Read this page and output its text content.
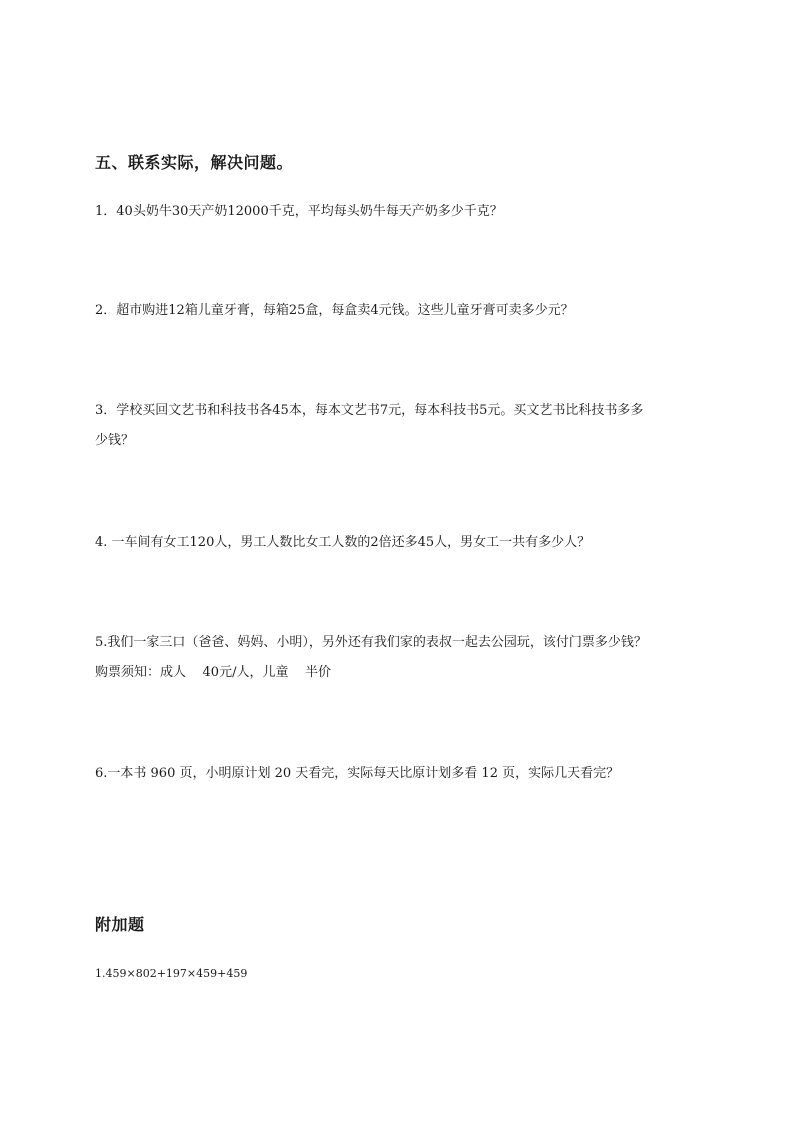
五、联系实际，解决问题。
1．40头奶牛30天产奶12000千克，平均每头奶牛每天产奶多少千克？
2．超市购进12箱儿童牙膏，每箱25盒，每盒卖4元钱。这些儿童牙膏可卖多少元？
3．学校买回文艺书和科技书各45本，每本文艺书7元，每本科技书5元。买文艺书比科技书多多
少钱？
4. 一车间有女工120人，男工人数比女工人数的2倍还多45人，男女工一共有多少人？
5.我们一家三口（爸爸、妈妈、小明），另外还有我们家的表叔一起去公园玩，该付门票多少钱？
购票须知：成人    40元/人，儿童    半价
6.一本书 960 页，小明原计划 20 天看完，实际每天比原计划多看 12 页，实际几天看完？
附加题
1.459×802+197×459+459
